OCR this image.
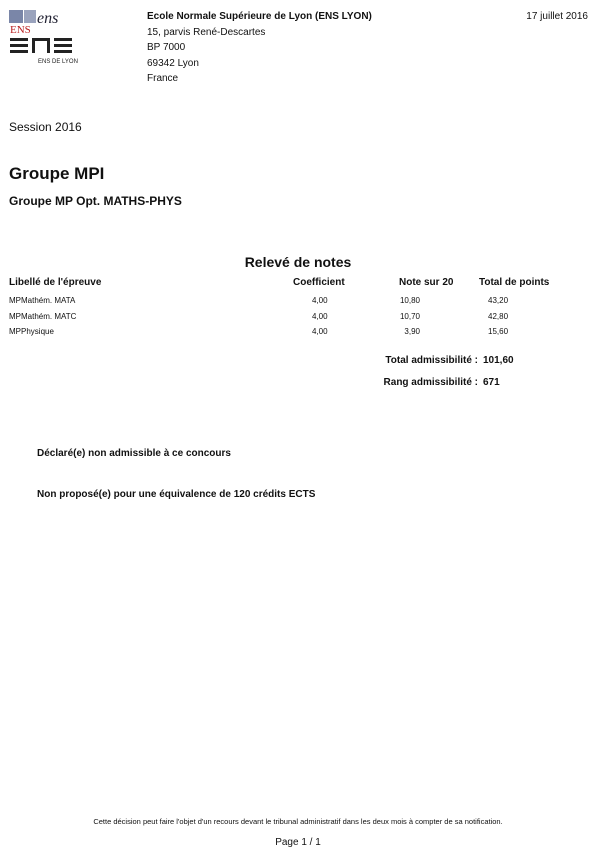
ENS
ens
ENS DE LYON
Ecole Normale Supérieure de Lyon (ENS LYON)
15, parvis René-Descartes
BP 7000
69342 Lyon
France
17 juillet 2016
Session 2016
Groupe MPI
Groupe MP Opt. MATHS-PHYS
Relevé de notes
Libellé de l'épreuve	Coefficient	Note sur 20	Total de points
MPMathém. MATA	4,00	10,80	43,20
MPMathém. MATC	4,00	10,70	42,80
MPPhysique	4,00	3,90	15,60
Total admissibilité : 101,60
Rang admissibilité : 671
Déclaré(e) non admissible à ce concours
Non proposé(e) pour une équivalence de 120 crédits ECTS
Cette décision peut faire l'objet d'un recours devant le tribunal administratif dans les deux mois à compter de sa notification.
Page 1 / 1
